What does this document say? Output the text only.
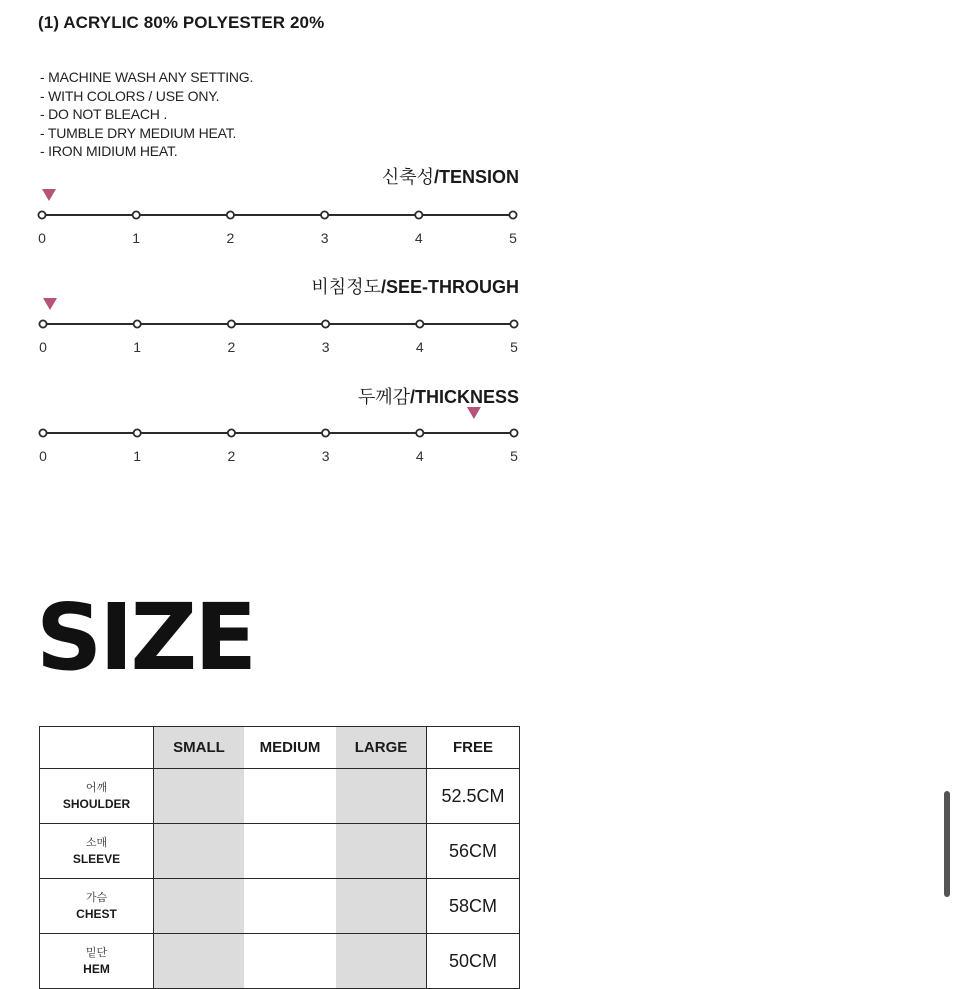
(1) ACRYLIC 80% POLYESTER 20%
- MACHINE WASH ANY SETTING.
- WITH COLORS / USE ONY.
- DO NOT BLEACH .
- TUMBLE DRY MEDIUM HEAT.
- IRON MIDIUM HEAT.
신축성/TENSION
0	1	2	3	4	5
비침정도/SEE-THROUGH
0	1	2	3	4	5
두께감/THICKNESS
0	1	2	3	4	5
SIZE
	SMALL	MEDIUM	LARGE	FREE

어깨
SHOULDER				52.5CM

소매
SLEEVE				56CM

가슴
CHEST				58CM

밑단
HEM				50CM
